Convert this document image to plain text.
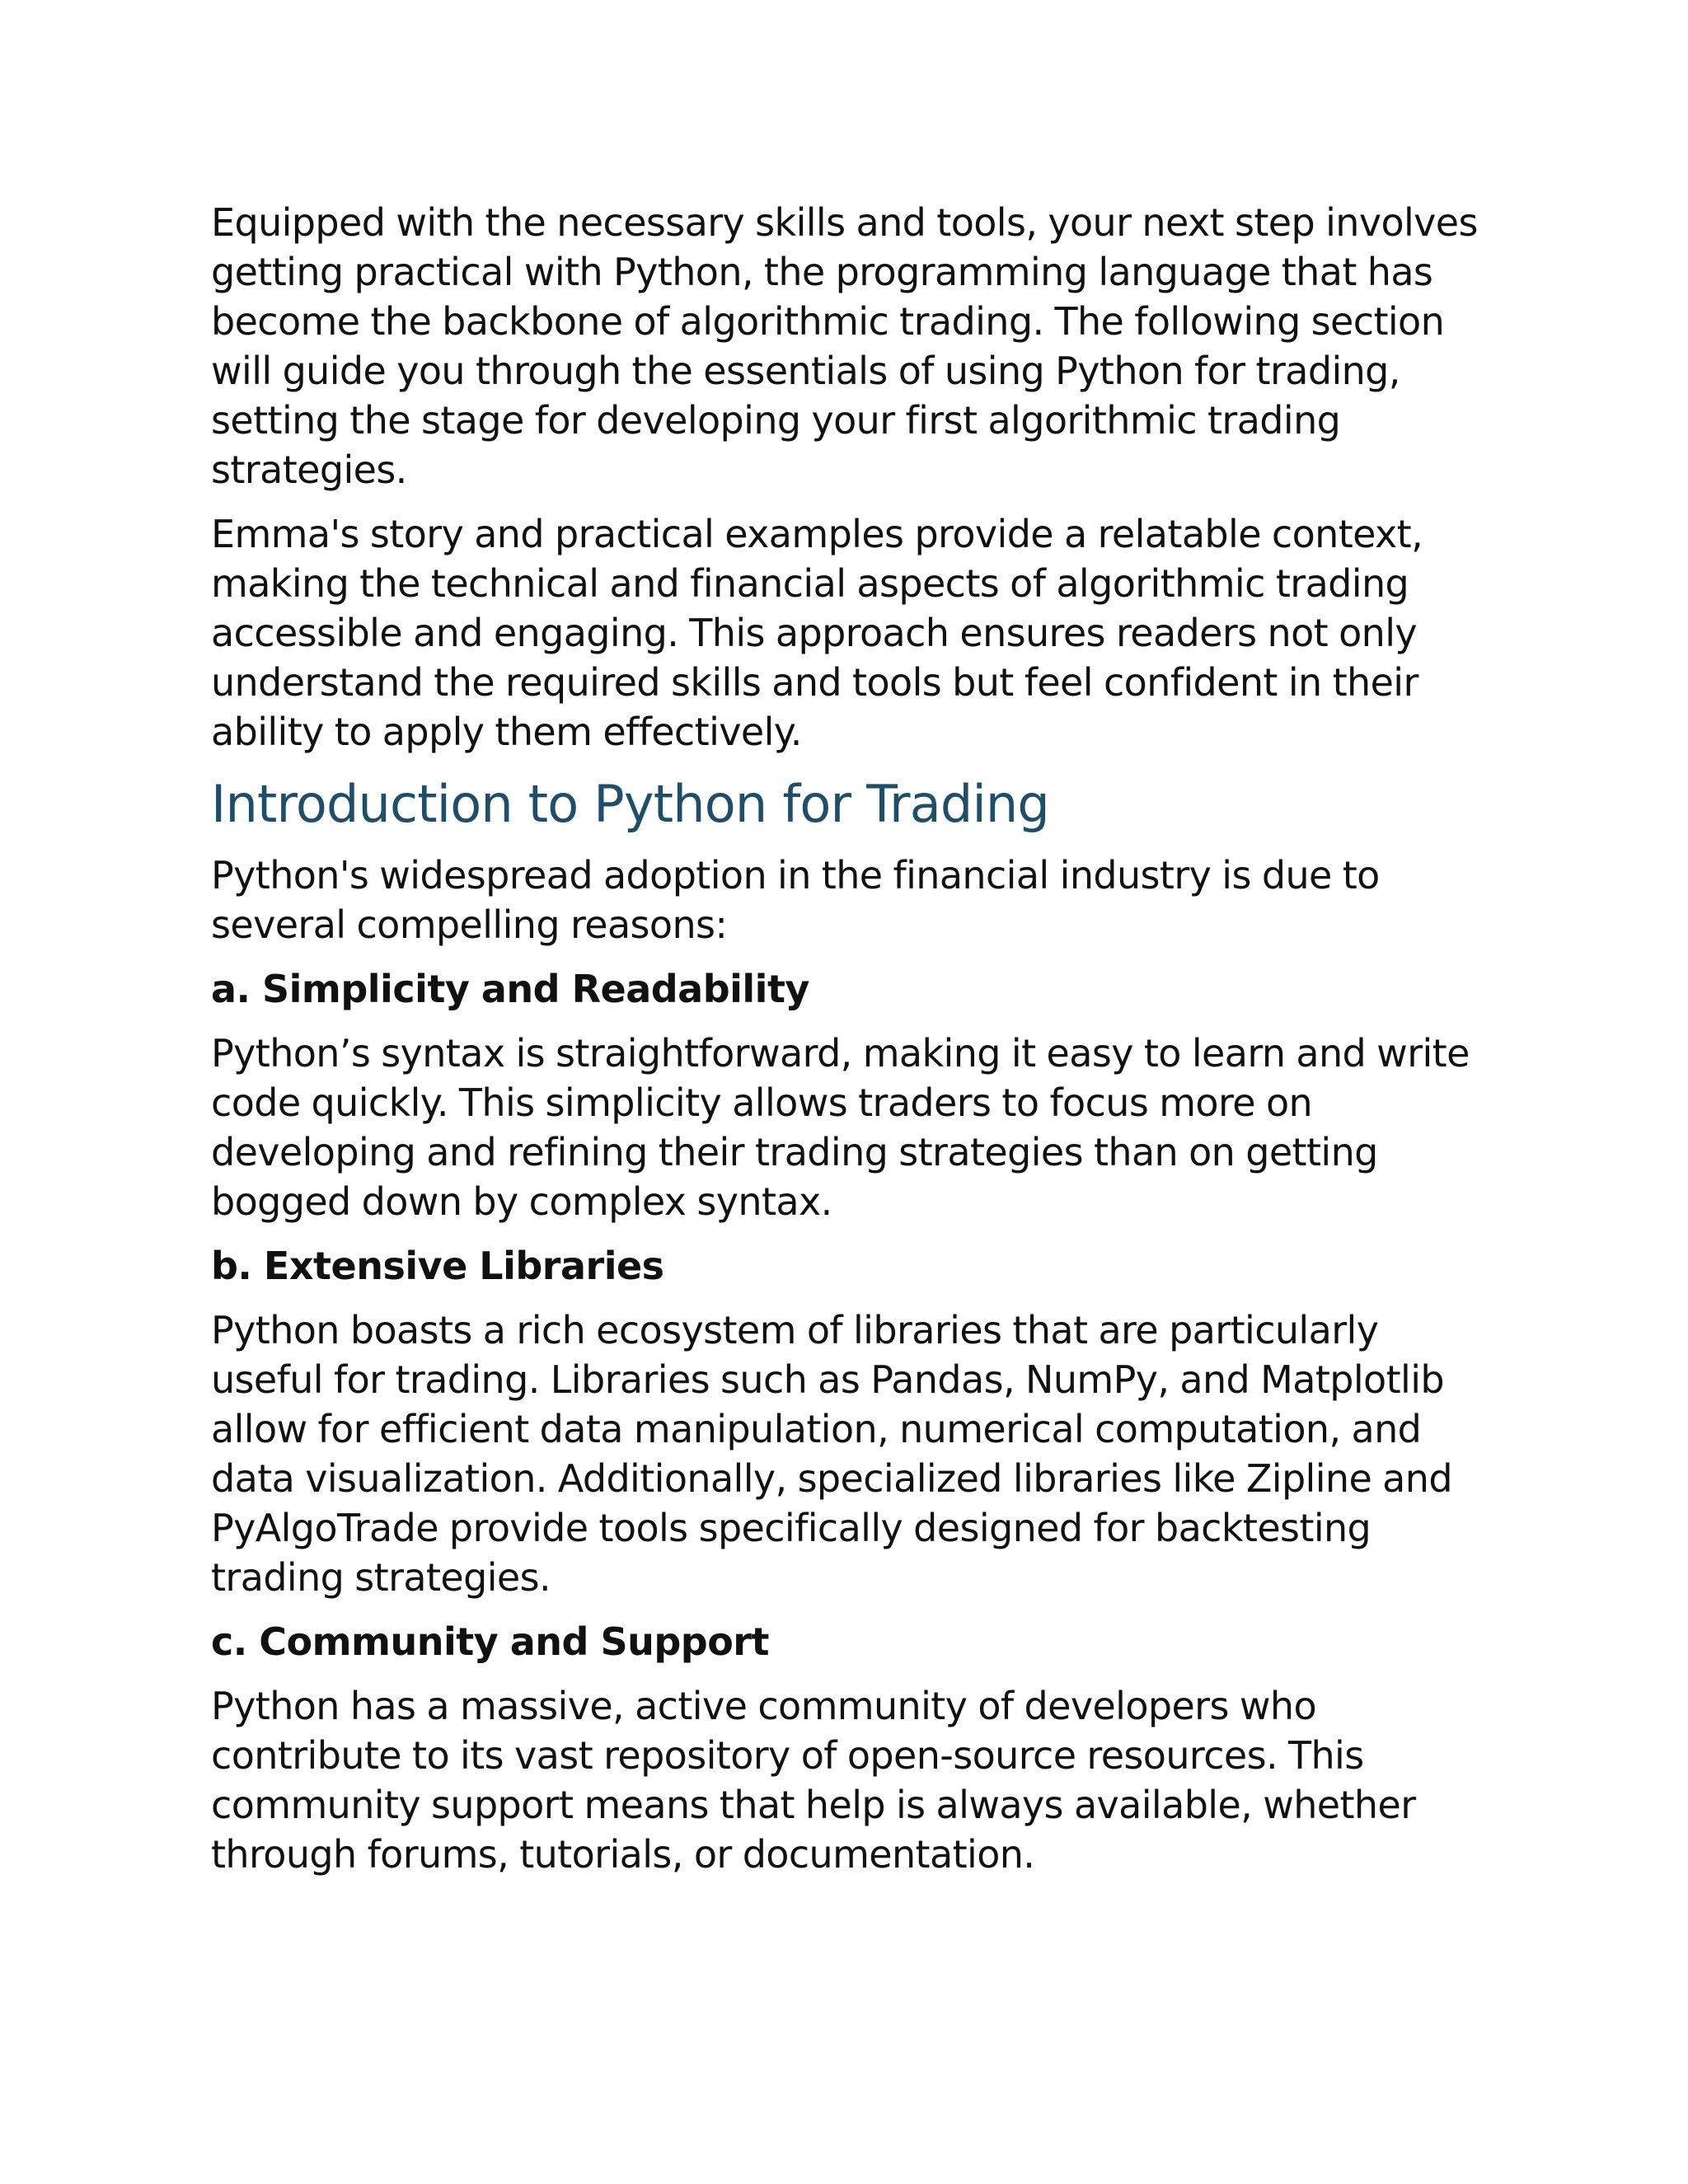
Equipped with the necessary skills and tools, your next step involves getting practical with Python, the programming language that has become the backbone of algorithmic trading. The following section will guide you through the essentials of using Python for trading, setting the stage for developing your first algorithmic trading strategies.

Emma's story and practical examples provide a relatable context, making the technical and financial aspects of algorithmic trading accessible and engaging. This approach ensures readers not only understand the required skills and tools but feel confident in their ability to apply them effectively.

Introduction to Python for Trading

Python's widespread adoption in the financial industry is due to several compelling reasons:

a. Simplicity and Readability

Python’s syntax is straightforward, making it easy to learn and write code quickly. This simplicity allows traders to focus more on developing and refining their trading strategies than on getting bogged down by complex syntax.

b. Extensive Libraries

Python boasts a rich ecosystem of libraries that are particularly useful for trading. Libraries such as Pandas, NumPy, and Matplotlib allow for efficient data manipulation, numerical computation, and data visualization. Additionally, specialized libraries like Zipline and PyAlgoTrade provide tools specifically designed for backtesting trading strategies.

c. Community and Support

Python has a massive, active community of developers who contribute to its vast repository of open-source resources. This community support means that help is always available, whether through forums, tutorials, or documentation.
